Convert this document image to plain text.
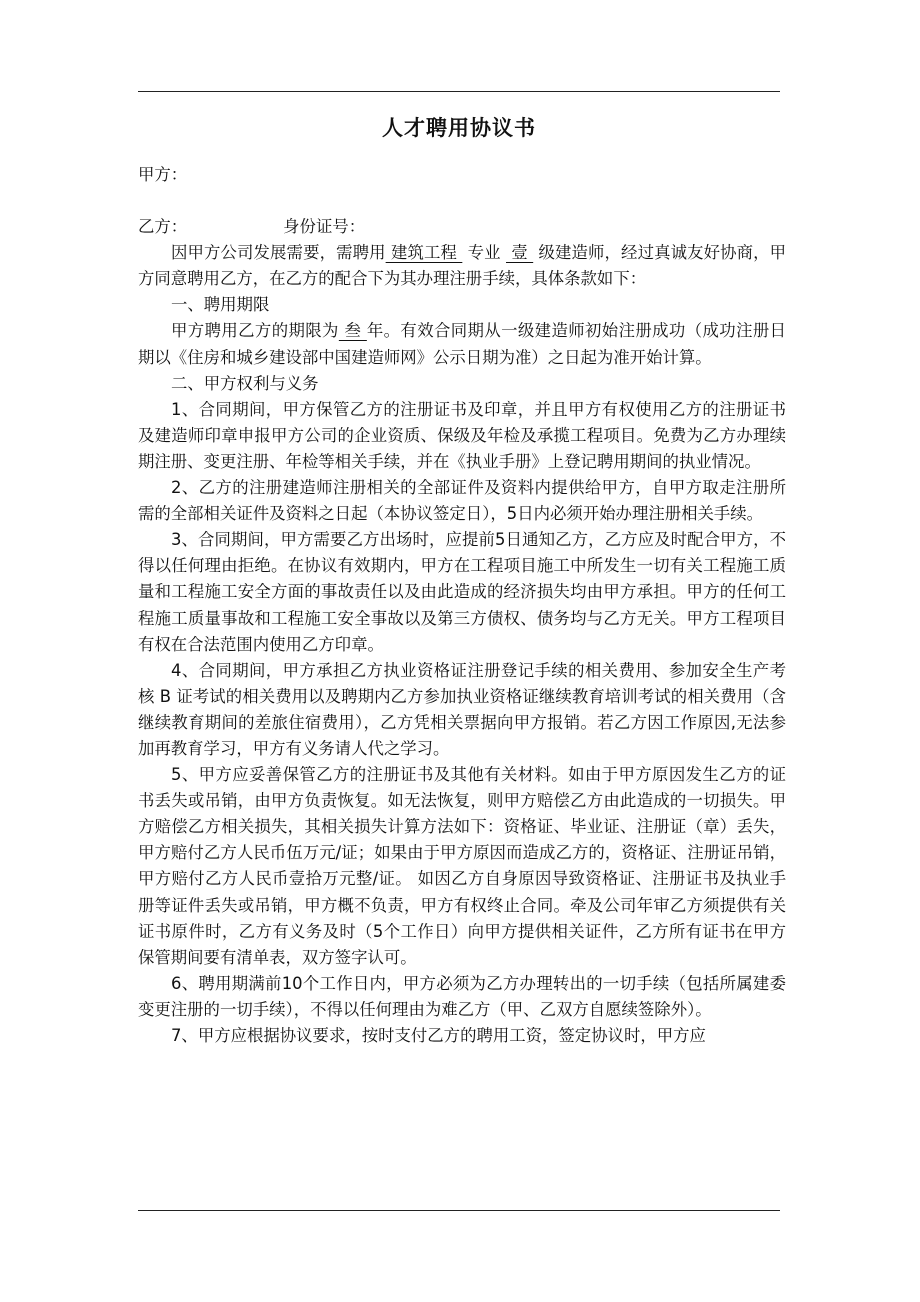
人才聘用协议书

甲方：

乙方：	身份证号：

因甲方公司发展需要，需聘用 建筑工程  专业  壹  级建造师，经过真诚友好协商，甲方同意聘用乙方，在乙方的配合下为其办理注册手续，具体条款如下：

一、聘用期限

甲方聘用乙方的期限为 叁 年。有效合同期从一级建造师初始注册成功（成功注册日期以《住房和城乡建设部中国建造师网》公示日期为准）之日起为准开始计算。

二、甲方权利与义务

1、合同期间，甲方保管乙方的注册证书及印章，并且甲方有权使用乙方的注册证书及建造师印章申报甲方公司的企业资质、保级及年检及承揽工程项目。免费为乙方办理续期注册、变更注册、年检等相关手续，并在《执业手册》上登记聘用期间的执业情况。

2、乙方的注册建造师注册相关的全部证件及资料内提供给甲方，自甲方取走注册所需的全部相关证件及资料之日起（本协议签定日），5日内必须开始办理注册相关手续。

3、合同期间，甲方需要乙方出场时，应提前5日通知乙方，乙方应及时配合甲方，不得以任何理由拒绝。在协议有效期内，甲方在工程项目施工中所发生一切有关工程施工质量和工程施工安全方面的事故责任以及由此造成的经济损失均由甲方承担。甲方的任何工程施工质量事故和工程施工安全事故以及第三方债权、债务均与乙方无关。甲方工程项目有权在合法范围内使用乙方印章。

4、合同期间，甲方承担乙方执业资格证注册登记手续的相关费用、参加安全生产考核 B 证考试的相关费用以及聘期内乙方参加执业资格证继续教育培训考试的相关费用（含继续教育期间的差旅住宿费用），乙方凭相关票据向甲方报销。若乙方因工作原因,无法参加再教育学习，甲方有义务请人代之学习。

5、甲方应妥善保管乙方的注册证书及其他有关材料。如由于甲方原因发生乙方的证书丢失或吊销，由甲方负责恢复。如无法恢复，则甲方赔偿乙方由此造成的一切损失。甲方赔偿乙方相关损失，其相关损失计算方法如下：资格证、毕业证、注册证（章）丢失，甲方赔付乙方人民币伍万元/证；如果由于甲方原因而造成乙方的，资格证、注册证吊销，甲方赔付乙方人民币壹拾万元整/证。 如因乙方自身原因导致资格证、注册证书及执业手册等证件丢失或吊销，甲方概不负责，甲方有权终止合同。牵及公司年审乙方须提供有关证书原件时，乙方有义务及时（5个工作日）向甲方提供相关证件，乙方所有证书在甲方保管期间要有清单表，双方签字认可。

6、聘用期满前10个工作日内，甲方必须为乙方办理转出的一切手续（包括所属建委变更注册的一切手续），不得以任何理由为难乙方（甲、乙双方自愿续签除外）。

7、甲方应根据协议要求，按时支付乙方的聘用工资，签定协议时，甲方应
